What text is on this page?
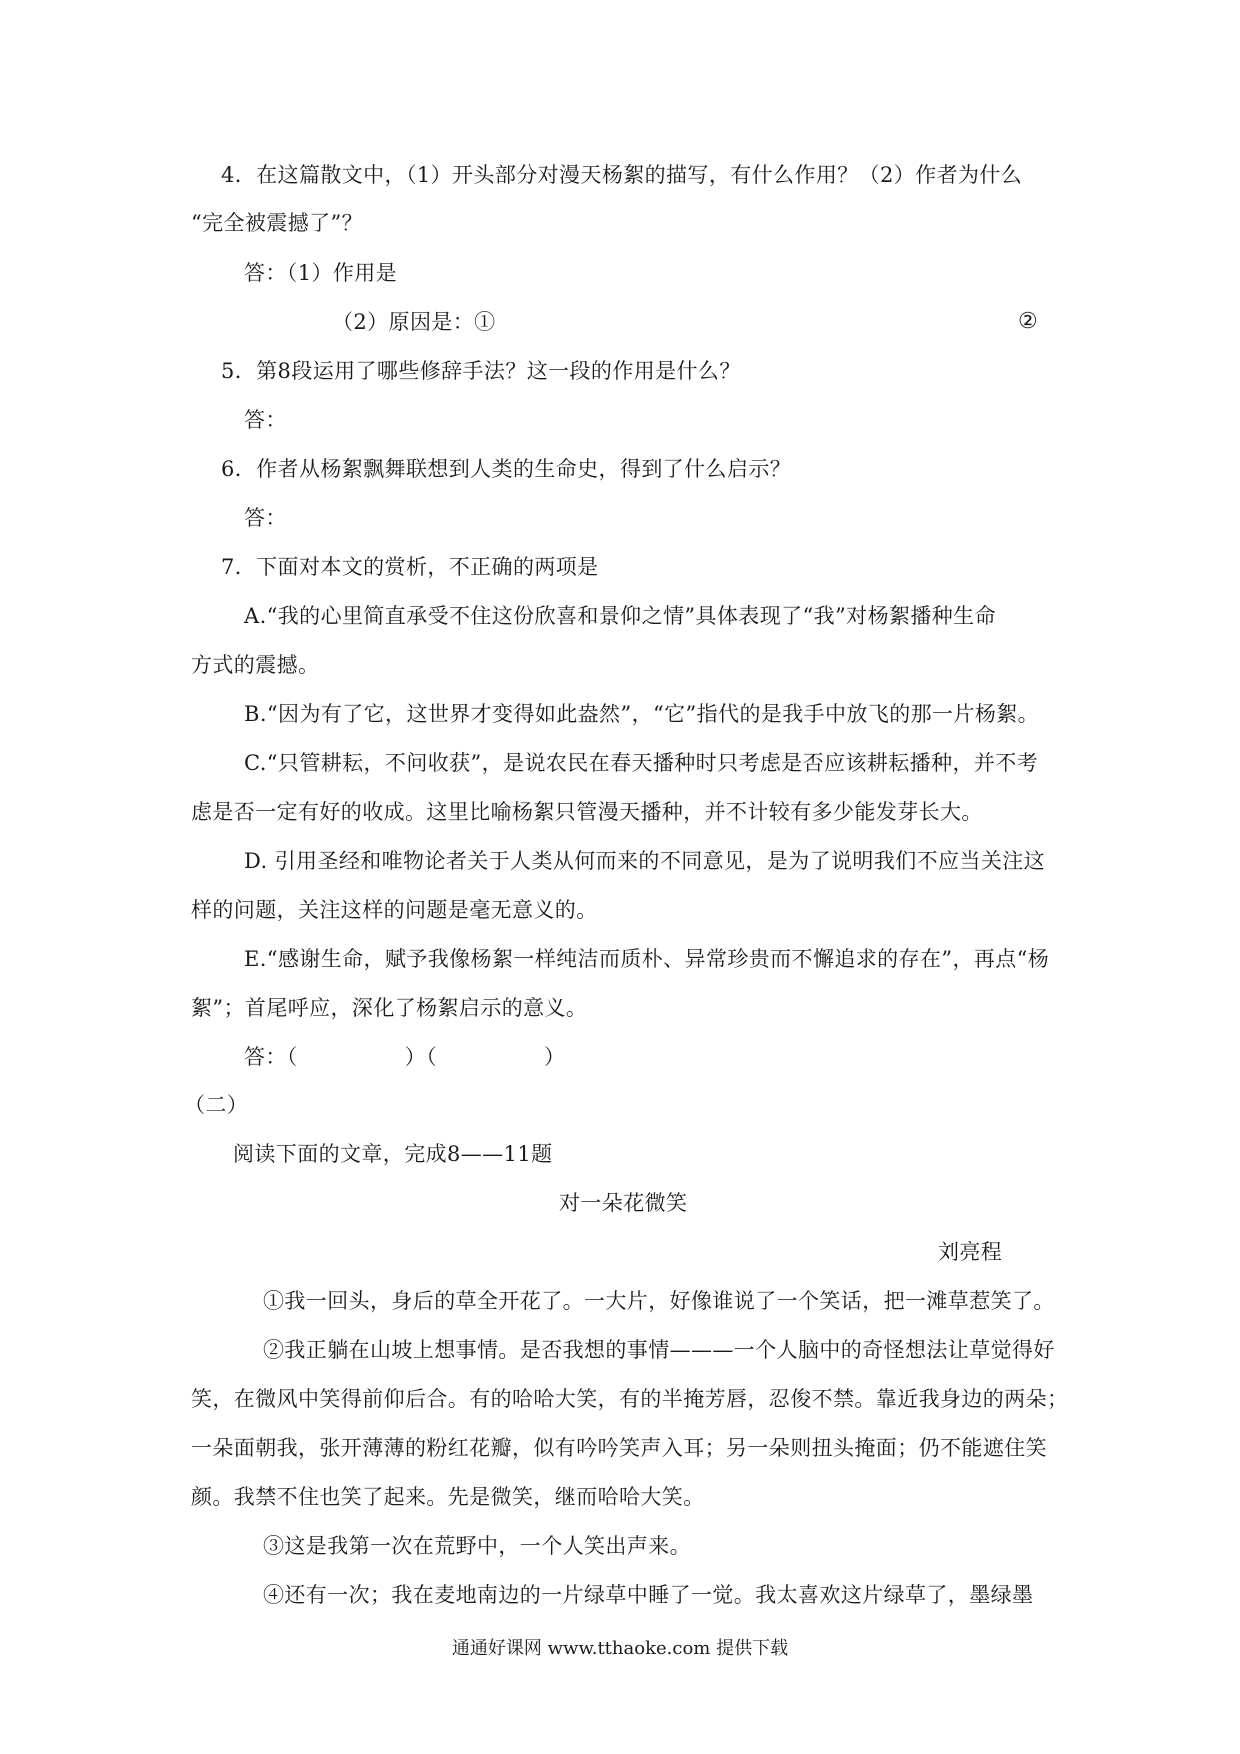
4．在这篇散文中，（1）开头部分对漫天杨絮的描写，有什么作用？（2）作者为什么
“完全被震撼了”？
答：（1）作用是
（2）原因是：①	②
5．第8段运用了哪些修辞手法？这一段的作用是什么？
答：
6．作者从杨絮飘舞联想到人类的生命史，得到了什么启示？
答：
7．下面对本文的赏析，不正确的两项是
A.“我的心里简直承受不住这份欣喜和景仰之情”具体表现了“我”对杨絮播种生命
方式的震撼。
B.“因为有了它，这世界才变得如此盎然”，“它”指代的是我手中放飞的那一片杨絮。
C.“只管耕耘，不问收获”，是说农民在春天播种时只考虑是否应该耕耘播种，并不考
虑是否一定有好的收成。这里比喻杨絮只管漫天播种，并不计较有多少能发芽长大。
D. 引用圣经和唯物论者关于人类从何而来的不同意见，是为了说明我们不应当关注这
样的问题，关注这样的问题是毫无意义的。
E.“感谢生命，赋予我像杨絮一样纯洁而质朴、异常珍贵而不懈追求的存在”，再点“杨
絮”；首尾呼应，深化了杨絮启示的意义。
答：（　　　　　）（　　　　　）
（二）
阅读下面的文章，完成8——11题
对一朵花微笑
刘亮程
①我一回头，身后的草全开花了。一大片，好像谁说了一个笑话，把一滩草惹笑了。
②我正躺在山坡上想事情。是否我想的事情———一个人脑中的奇怪想法让草觉得好
笑，在微风中笑得前仰后合。有的哈哈大笑，有的半掩芳唇，忍俊不禁。靠近我身边的两朵；
一朵面朝我，张开薄薄的粉红花瓣，似有吟吟笑声入耳；另一朵则扭头掩面；仍不能遮住笑
颜。我禁不住也笑了起来。先是微笑，继而哈哈大笑。
③这是我第一次在荒野中，一个人笑出声来。
④还有一次；我在麦地南边的一片绿草中睡了一觉。我太喜欢这片绿草了，墨绿墨
通通好课网 www.tthaoke.com 提供下载
